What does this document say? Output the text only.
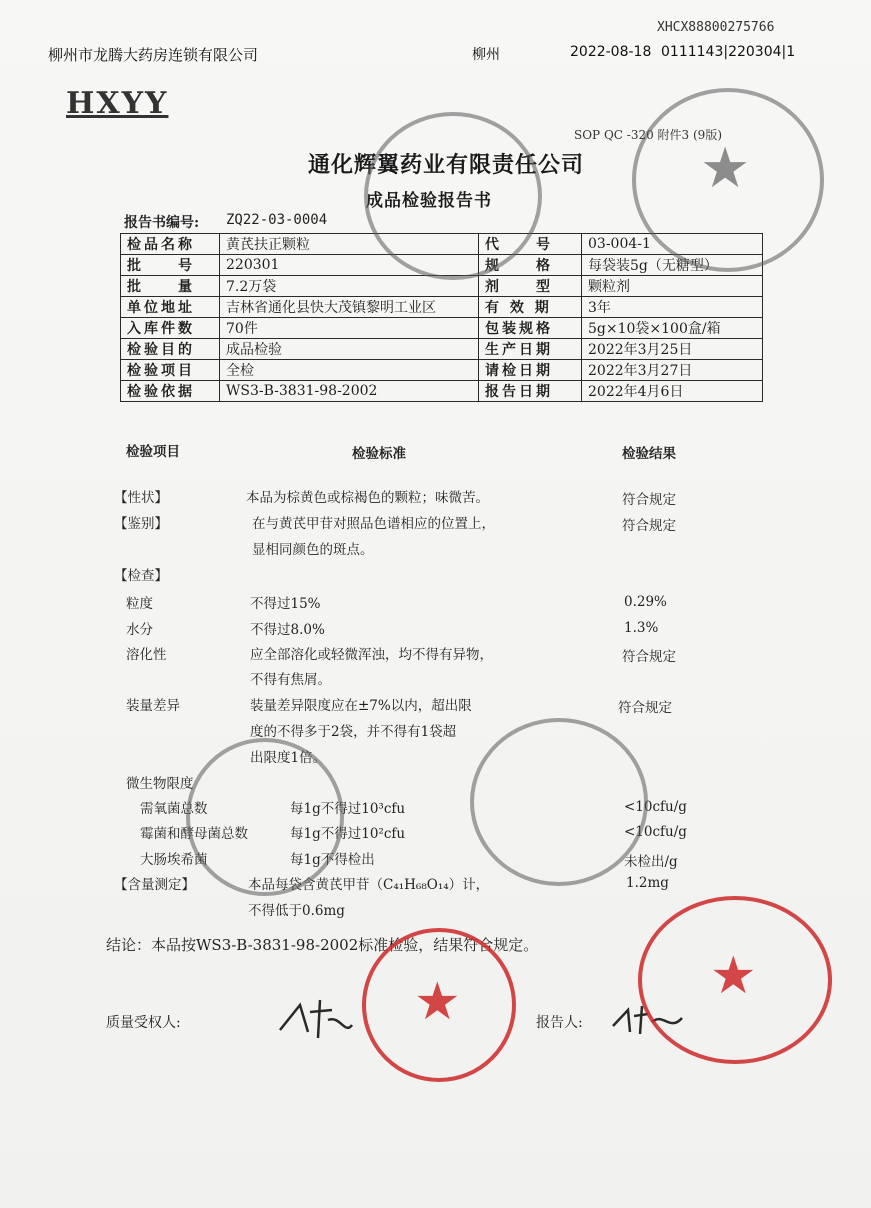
XHCX88800275766
柳州市龙腾大药房连锁有限公司	柳州	2022-08-18 0111143|220304|1
HXYY
SOP QC -320 附件3 (9版)
通化辉翼药业有限责任公司
成品检验报告书
报告书编号: ZQ22-03-0004
检品名称	黄芪扶正颗粒	代　　号	03-004-1
批　　号	220301	规　　格	每袋装5g（无糖型）
批　　量	7.2万袋	剂　　型	颗粒剂
单位地址	吉林省通化县快大茂镇黎明工业区	有 效 期	3年
入库件数	70件	包装规格	5g×10袋×100盒/箱
检验目的	成品检验	生产日期	2022年3月25日
检验项目	全检	请检日期	2022年3月27日
检验依据	WS3-B-3831-98-2002	报告日期	2022年4月6日
检验项目	检验标准	检验结果
【性状】	本品为棕黄色或棕褐色的颗粒；味微苦。	符合规定
【鉴别】	在与黄芪甲苷对照品色谱相应的位置上，
显相同颜色的斑点。
符合规定
【检查】
粒度	不得过15%	0.29%
水分	不得过8.0%	1.3%
溶化性	应全部溶化或轻微浑浊，均不得有异物，
不得有焦屑。
符合规定
装量差异	装量差异限度应在±7%以内，超出限
度的不得多于2袋，并不得有1袋超
出限度1倍。
符合规定
微生物限度
需氧菌总数	每1g不得过10³cfu	<10cfu/g
霉菌和酵母菌总数	每1g不得过10²cfu	<10cfu/g
大肠埃希菌	每1g不得检出	未检出/g
【含量测定】	本品每袋含黄芪甲苷（C₄₁H₆₈O₁₄）计，
不得低于0.6mg
1.2mg
结论：本品按WS3-B-3831-98-2002标准检验，结果符合规定。
质量受权人:	报告人:
★
★	★
